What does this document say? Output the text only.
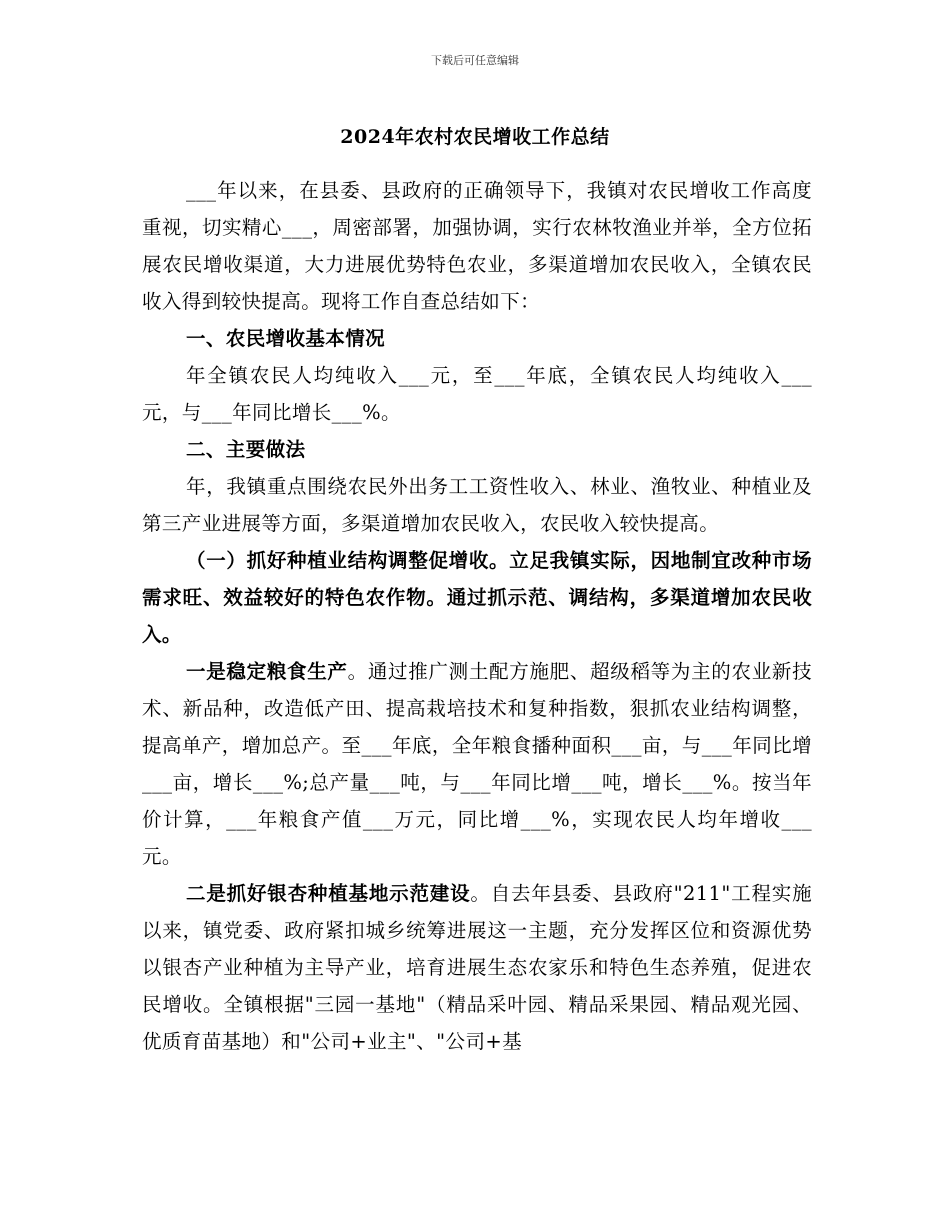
下载后可任意编辑
2024年农村农民增收工作总结

___年以来，在县委、县政府的正确领导下，我镇对农民增收工作高度重视，切实精心___，周密部署，加强协调，实行农林牧渔业并举，全方位拓展农民增收渠道，大力进展优势特色农业，多渠道增加农民收入，全镇农民收入得到较快提高。现将工作自查总结如下：

一、农民增收基本情况

年全镇农民人均纯收入___元，至___年底，全镇农民人均纯收入___元，与___年同比增长___%。

二、主要做法

年，我镇重点围绕农民外出务工工资性收入、林业、渔牧业、种植业及第三产业进展等方面，多渠道增加农民收入，农民收入较快提高。

（一）抓好种植业结构调整促增收。立足我镇实际，因地制宜改种市场需求旺、效益较好的特色农作物。通过抓示范、调结构，多渠道增加农民收入。

一是稳定粮食生产。通过推广测土配方施肥、超级稻等为主的农业新技术、新品种，改造低产田、提高栽培技术和复种指数，狠抓农业结构调整，提高单产，增加总产。至___年底，全年粮食播种面积___亩，与___年同比增___亩，增长___%;总产量___吨，与___年同比增___吨，增长___%。按当年价计算，___年粮食产值___万元，同比增___%，实现农民人均年增收___元。

二是抓好银杏种植基地示范建设。自去年县委、县政府"211"工程实施以来，镇党委、政府紧扣城乡统筹进展这一主题，充分发挥区位和资源优势以银杏产业种植为主导产业，培育进展生态农家乐和特色生态养殖，促进农民增收。全镇根据"三园一基地"（精品采叶园、精品采果园、精品观光园、优质育苗基地）和"公司+业主"、"公司+基
